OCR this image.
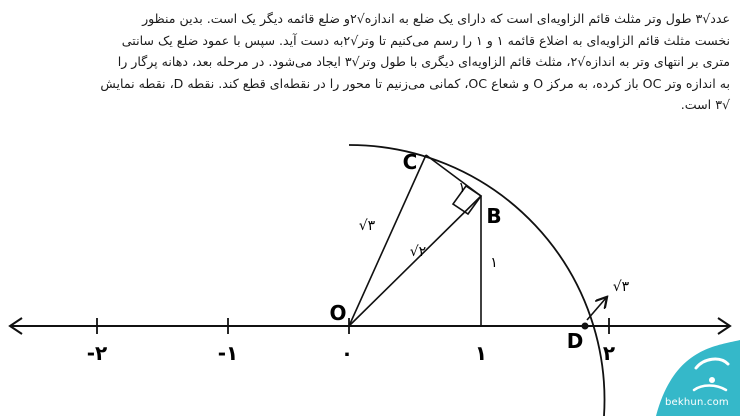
عدد√۳ طول وتر مثلث قائم الزاویه‌ای است که دارای یک ضلع به اندازه√۲و ضلع قائمه دیگر یک است. بدین منظور

نخست مثلث قائم الزاویه‌ای به اضلاع قائمه ۱ و ۱ را رسم می‌کنیم تا وتر√۲به دست آید. سپس با عمود ضلع یک سانتی

متری بر انتهای وتر به اندازه√۲، مثلث قائم الزاویه‌ای دیگری با طول وتر√۳ ایجاد می‌شود. در مرحله بعد، دهانه پرگار را

به اندازه وتر OC باز کرده، به مرکز O و شعاع OC، کمانی می‌زنیم تا محور را در نقطه‌ای قطع کند. نقطه D، نقطه نمایش

√۳ است.

-۲	-۱	۰	۱	۲
O
B
C
D
√۳
√۲
۱
۱
√۳
bekhun.com
